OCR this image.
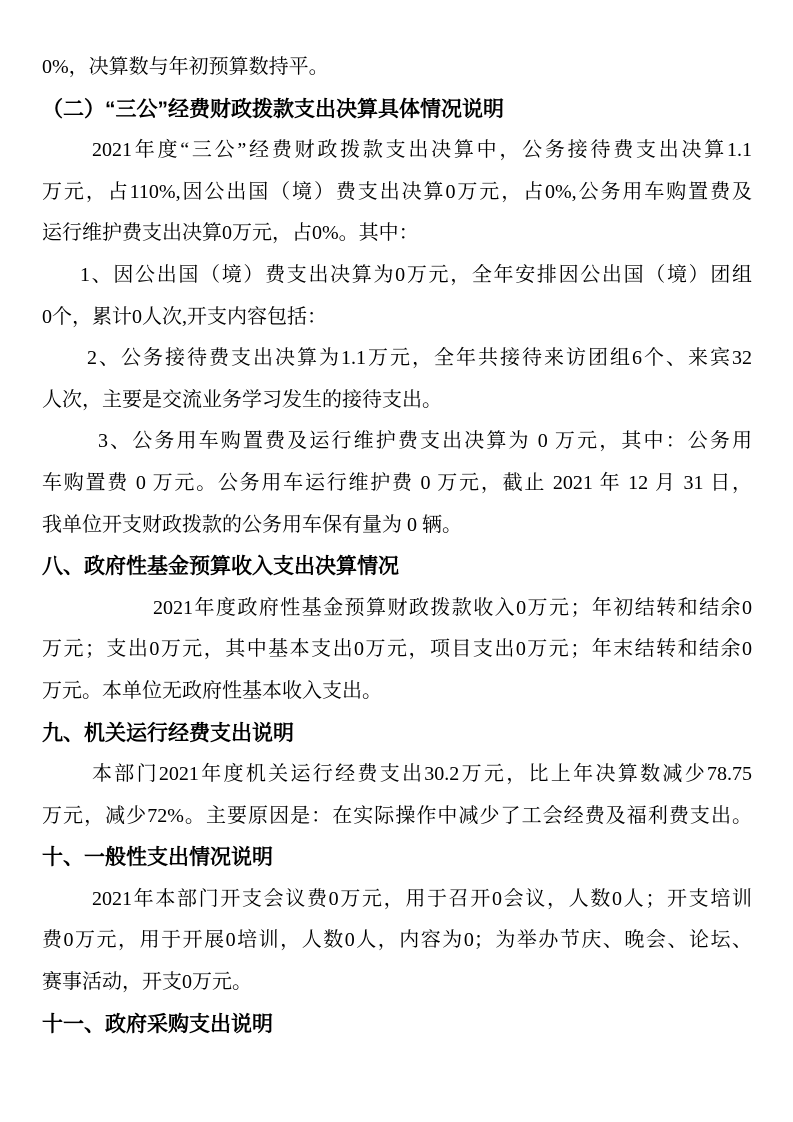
0%，决算数与年初预算数持平。
（二）“三公”经费财政拨款支出决算具体情况说明
2021年度“三公”经费财政拨款支出决算中，公务接待费支出决算1.1
万元，占110%,因公出国（境）费支出决算0万元，占0%,公务用车购置费及
运行维护费支出决算0万元，占0%。其中：
1、因公出国（境）费支出决算为0万元，全年安排因公出国（境）团组
0个，累计0人次,开支内容包括：
2、公务接待费支出决算为1.1万元，全年共接待来访团组6个、来宾32
人次，主要是交流业务学习发生的接待支出。
3、公务用车购置费及运行维护费支出决算为 0 万元，其中：公务用
车购置费 0 万元。公务用车运行维护费 0 万元，截止 2021 年 12 月 31 日，
我单位开支财政拨款的公务用车保有量为 0 辆。
八、政府性基金预算收入支出决算情况
2021年度政府性基金预算财政拨款收入0万元；年初结转和结余0
万元；支出0万元，其中基本支出0万元，项目支出0万元；年末结转和结余0
万元。本单位无政府性基本收入支出。
九、机关运行经费支出说明
本部门2021年度机关运行经费支出30.2万元，比上年决算数减少78.75
万元，减少72%。主要原因是：在实际操作中减少了工会经费及福利费支出。
十、一般性支出情况说明
2021年本部门开支会议费0万元，用于召开0会议，人数0人；开支培训
费0万元，用于开展0培训，人数0人，内容为0；为举办节庆、晚会、论坛、
赛事活动，开支0万元。
十一、政府采购支出说明
